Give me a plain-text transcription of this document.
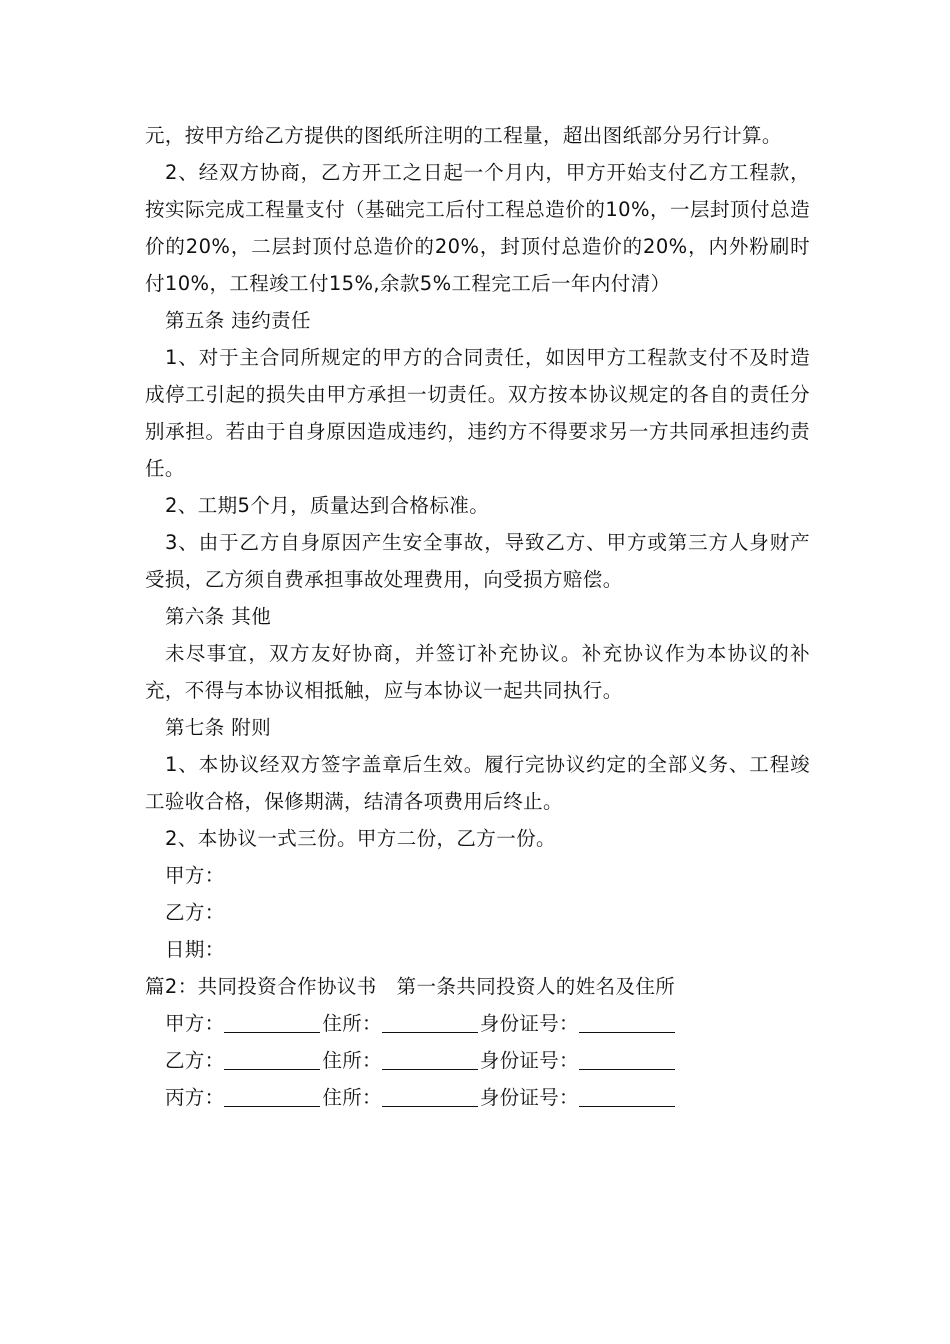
元，按甲方给乙方提供的图纸所注明的工程量，超出图纸部分另行计算。

2、经双方协商，乙方开工之日起一个月内，甲方开始支付乙方工程款，按实际完成工程量支付（基础完工后付工程总造价的10%，一层封顶付总造价的20%，二层封顶付总造价的20%，封顶付总造价的20%，内外粉刷时付10%，工程竣工付15%,余款5%工程完工后一年内付清）

第五条 违约责任

1、对于主合同所规定的甲方的合同责任，如因甲方工程款支付不及时造成停工引起的损失由甲方承担一切责任。双方按本协议规定的各自的责任分别承担。若由于自身原因造成违约，违约方不得要求另一方共同承担违约责任。

2、工期5个月，质量达到合格标准。

3、由于乙方自身原因产生安全事故，导致乙方、甲方或第三方人身财产受损，乙方须自费承担事故处理费用，向受损方赔偿。

第六条 其他

未尽事宜，双方友好协商，并签订补充协议。补充协议作为本协议的补充，不得与本协议相抵触，应与本协议一起共同执行。

第七条 附则

1、本协议经双方签字盖章后生效。履行完协议约定的全部义务、工程竣工验收合格，保修期满，结清各项费用后终止。

2、本协议一式三份。甲方二份，乙方一份。

甲方：

乙方：

日期：

篇2：共同投资合作协议书　第一条共同投资人的姓名及住所

甲方：	住所：	身份证号：

乙方：	住所：	身份证号：

丙方：	住所：	身份证号：
